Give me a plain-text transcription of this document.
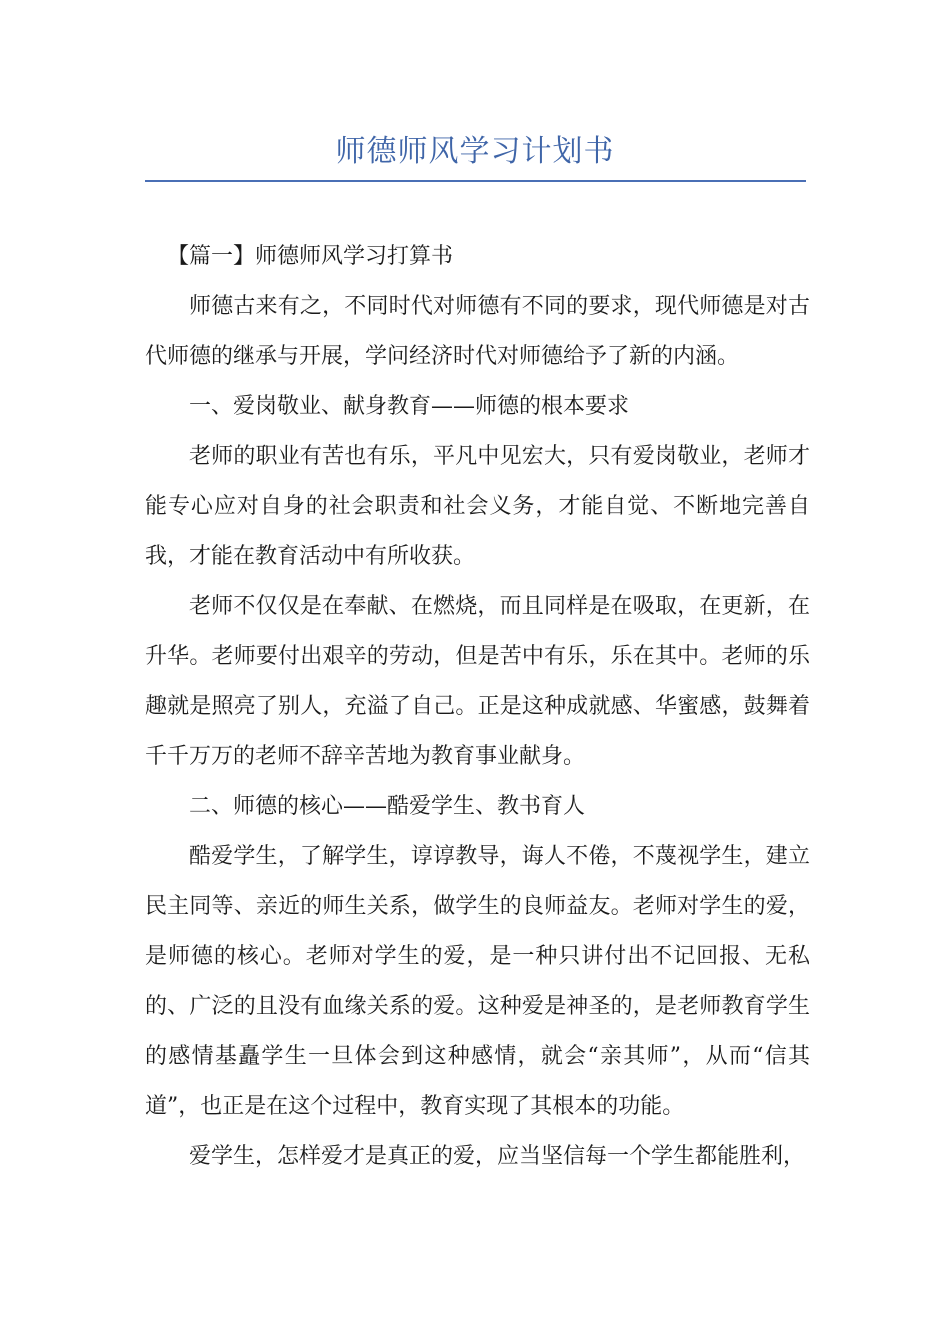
师德师风学习计划书

【篇一】师德师风学习打算书

师德古来有之，不同时代对师德有不同的要求，现代师德是对古代师德的继承与开展，学问经济时代对师德给予了新的内涵。

一、爱岗敬业、献身教育——师德的根本要求

老师的职业有苦也有乐，平凡中见宏大，只有爱岗敬业，老师才能专心应对自身的社会职责和社会义务，才能自觉、不断地完善自我，才能在教育活动中有所收获。

老师不仅仅是在奉献、在燃烧，而且同样是在吸取，在更新，在升华。老师要付出艰辛的劳动，但是苦中有乐，乐在其中。老师的乐趣就是照亮了别人，充溢了自己。正是这种成就感、华蜜感，鼓舞着千千万万的老师不辞辛苦地为教育事业献身。

二、师德的核心——酷爱学生、教书育人

酷爱学生，了解学生，谆谆教导，诲人不倦，不蔑视学生，建立民主同等、亲近的师生关系，做学生的良师益友。老师对学生的爱，是师德的核心。老师对学生的爱，是一种只讲付出不记回报、无私的、广泛的且没有血缘关系的爱。这种爱是神圣的，是老师教育学生的感情基矗学生一旦体会到这种感情，就会“亲其师”，从而“信其道”，也正是在这个过程中，教育实现了其根本的功能。

爱学生，怎样爱才是真正的爱，应当坚信每一个学生都能胜利，
